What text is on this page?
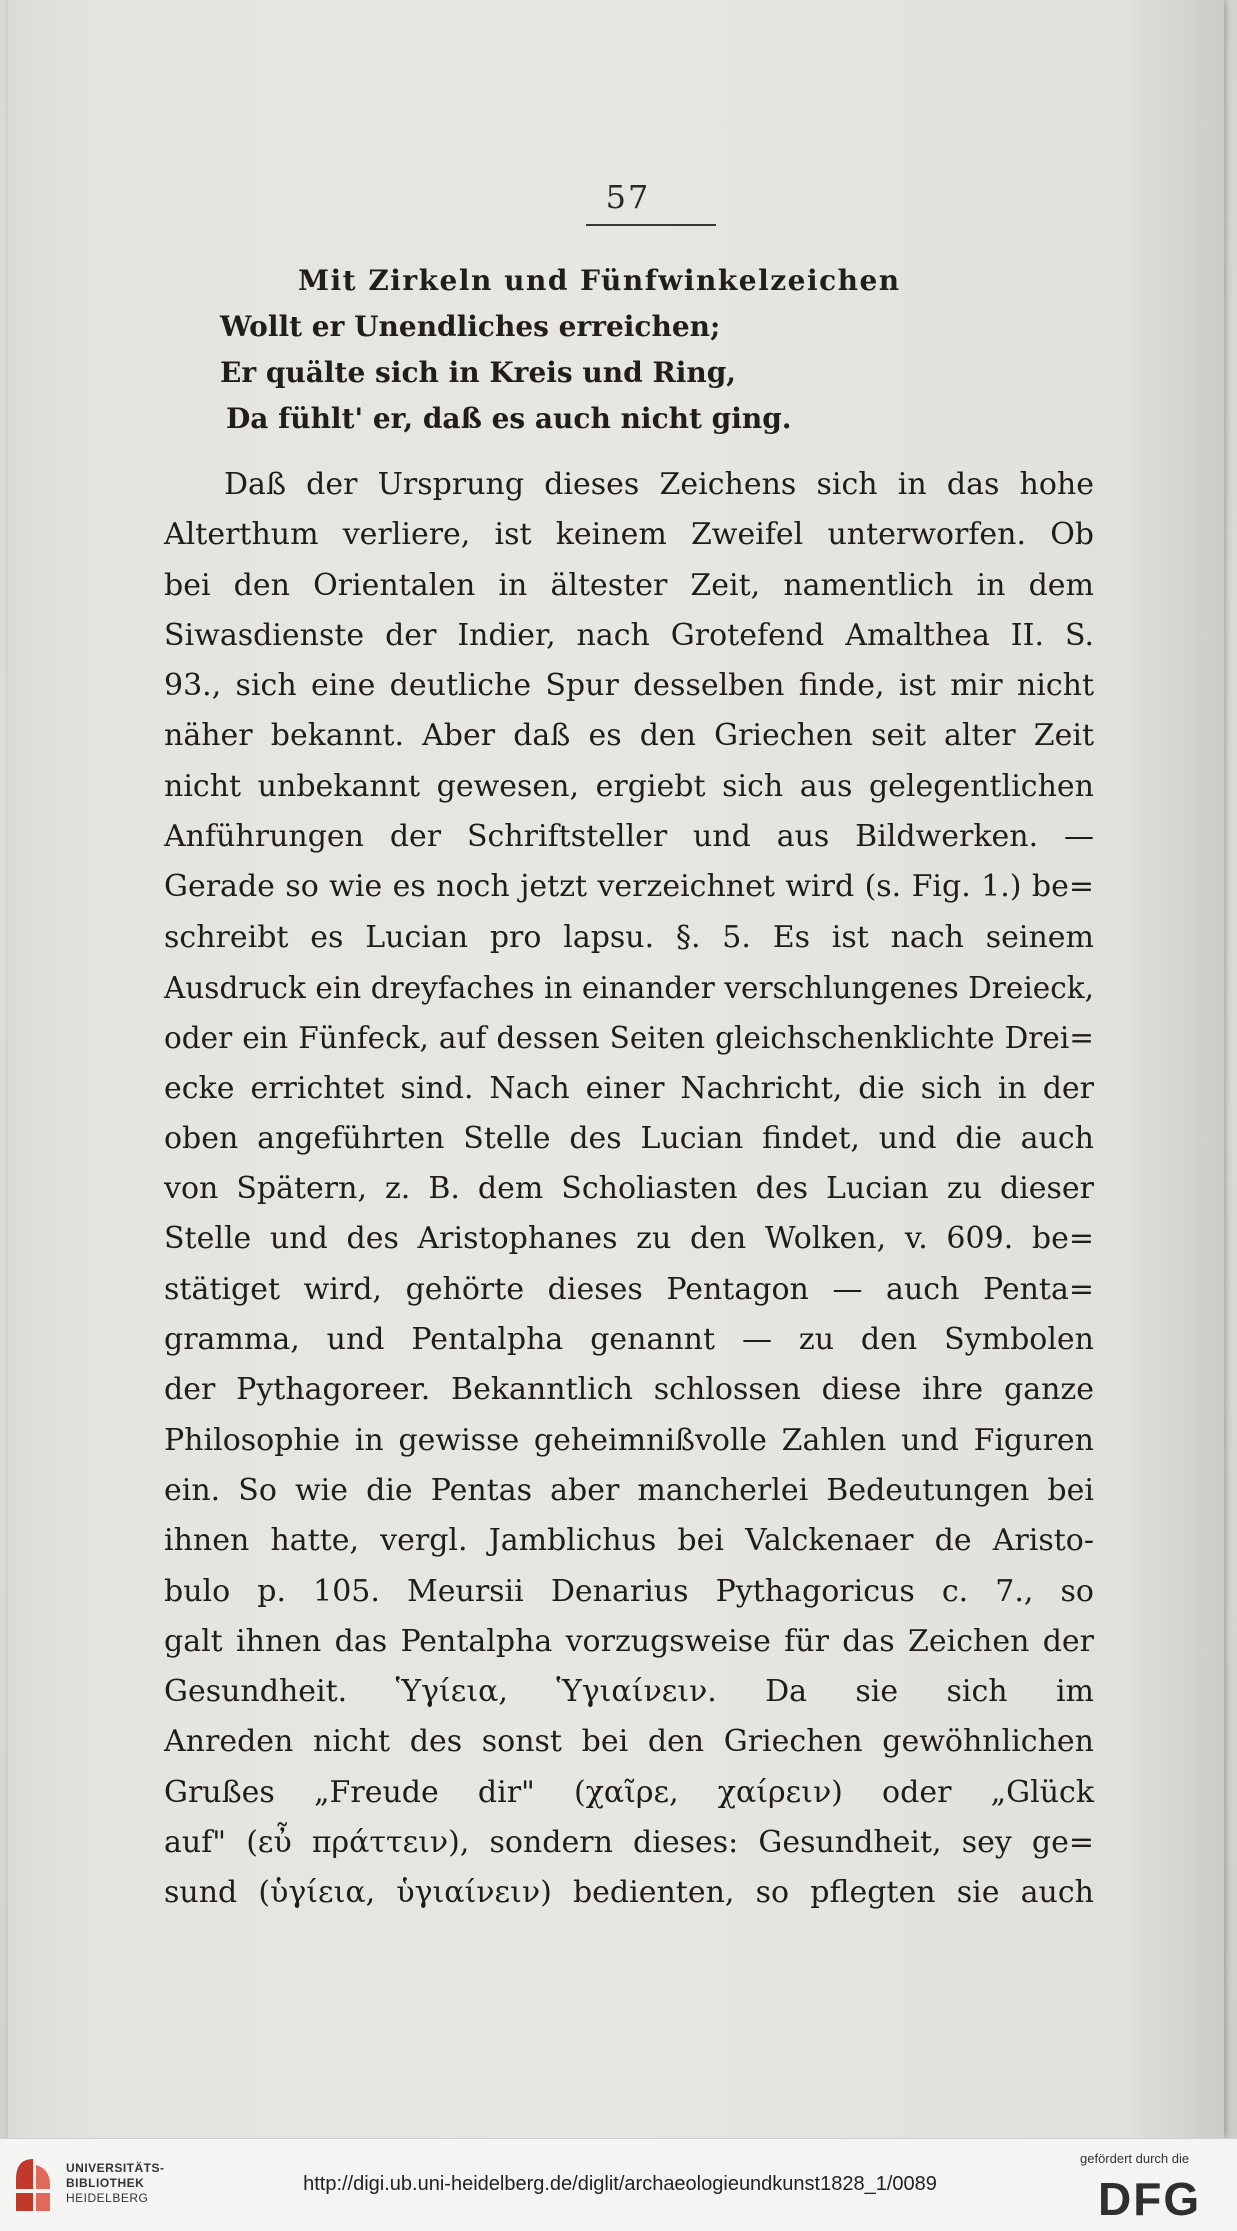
57
Mit Zirkeln und Fünfwinkelzeichen
Wollt er Unendliches erreichen;
Er quälte sich in Kreis und Ring,
Da fühlt' er, daß es auch nicht ging.
Daß der Ursprung dieses Zeichens sich in das hohe
Alterthum verliere, ist keinem Zweifel unterworfen. Ob
bei den Orientalen in ältester Zeit, namentlich in dem
Siwasdienste der Indier, nach Grotefend Amalthea II. S.
93., sich eine deutliche Spur desselben finde, ist mir nicht
näher bekannt. Aber daß es den Griechen seit alter Zeit
nicht unbekannt gewesen, ergiebt sich aus gelegentlichen
Anführungen der Schriftsteller und aus Bildwerken. —
Gerade so wie es noch jetzt verzeichnet wird (s. Fig. 1.) be=
schreibt es Lucian pro lapsu. §. 5. Es ist nach seinem
Ausdruck ein dreyfaches in einander verschlungenes Dreieck,
oder ein Fünfeck, auf dessen Seiten gleichschenklichte Drei=
ecke errichtet sind. Nach einer Nachricht, die sich in der
oben angeführten Stelle des Lucian findet, und die auch
von Spätern, z. B. dem Scholiasten des Lucian zu dieser
Stelle und des Aristophanes zu den Wolken, v. 609. be=
stätiget wird, gehörte dieses Pentagon — auch Penta=
gramma, und Pentalpha genannt — zu den Symbolen
der Pythagoreer. Bekanntlich schlossen diese ihre ganze
Philosophie in gewisse geheimnißvolle Zahlen und Figuren
ein. So wie die Pentas aber mancherlei Bedeutungen bei
ihnen hatte, vergl. Jamblichus bei Valckenaer de Aristo-
bulo p. 105. Meursii Denarius Pythagoricus c. 7., so
galt ihnen das Pentalpha vorzugsweise für das Zeichen der
Gesundheit. Ὑγίεια, Ὑγιαίνειν. Da sie sich im
Anreden nicht des sonst bei den Griechen gewöhnlichen
Grußes „Freude dir" (χαῖρε, χαίρειν) oder „Glück
auf" (εὖ πράττειν), sondern dieses: Gesundheit, sey ge=
sund (ὑγίεια, ὑγιαίνειν) bedienten, so pflegten sie auch
UNIVERSITÄTS-
BIBLIOTHEK
HEIDELBERG
http://digi.ub.uni-heidelberg.de/diglit/archaeologieundkunst1828_1/0089
gefördert durch die
DFG
